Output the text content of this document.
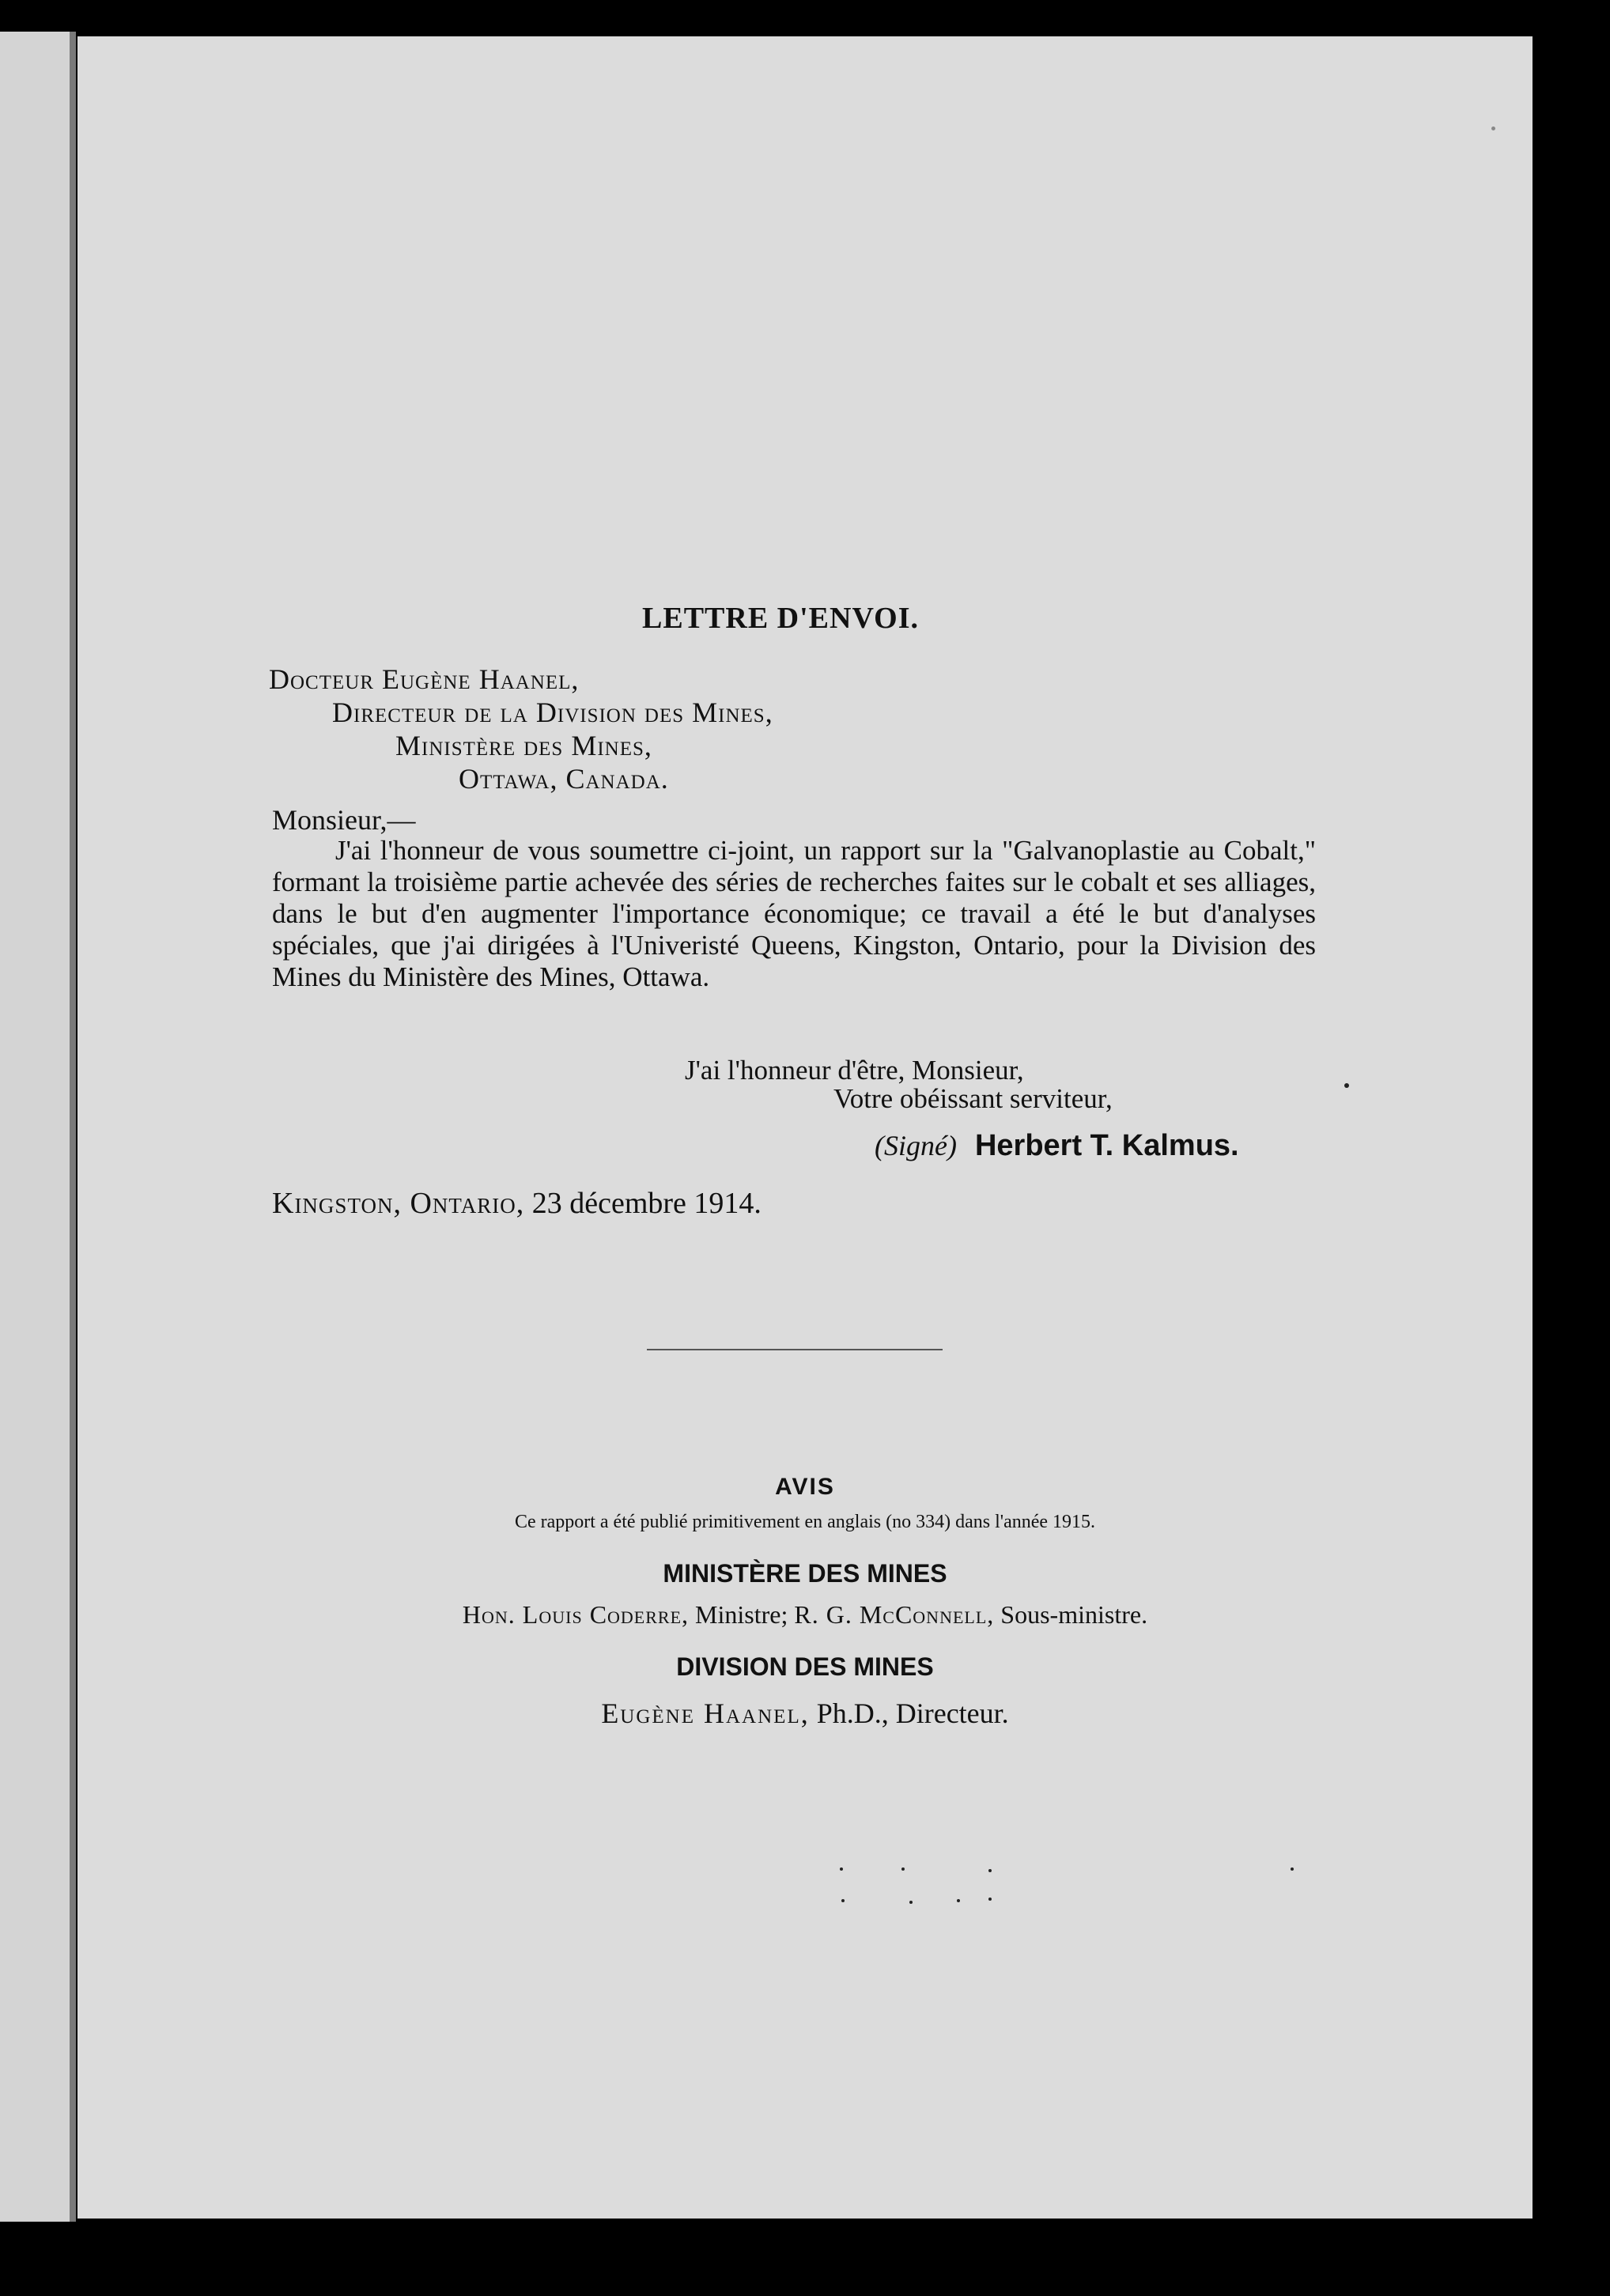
LETTRE D'ENVOI.
Docteur Eugène Haanel,
Directeur de la Division des Mines,
Ministère des Mines,
Ottawa, Canada.
Monsieur,—
J'ai l'honneur de vous soumettre ci-joint, un rapport sur la "Galvanoplastie au Cobalt," formant la troisième partie achevée des séries de recherches faites sur le cobalt et ses alliages, dans le but d'en augmenter l'importance économique; ce travail a été le but d'analyses spéciales, que j'ai dirigées à l'Univeristé Queens, Kingston, Ontario, pour la Division des Mines du Ministère des Mines, Ottawa.
J'ai l'honneur d'être, Monsieur,
Votre obéissant serviteur,
(Signé) Herbert T. Kalmus.
Kingston, Ontario, 23 décembre 1914.
AVIS
Ce rapport a été publié primitivement en anglais (no 334) dans l'année 1915.
MINISTÈRE DES MINES
Hon. Louis Coderre, Ministre; R. G. McConnell, Sous-ministre.
DIVISION DES MINES
Eugène Haanel, Ph.D., Directeur.
